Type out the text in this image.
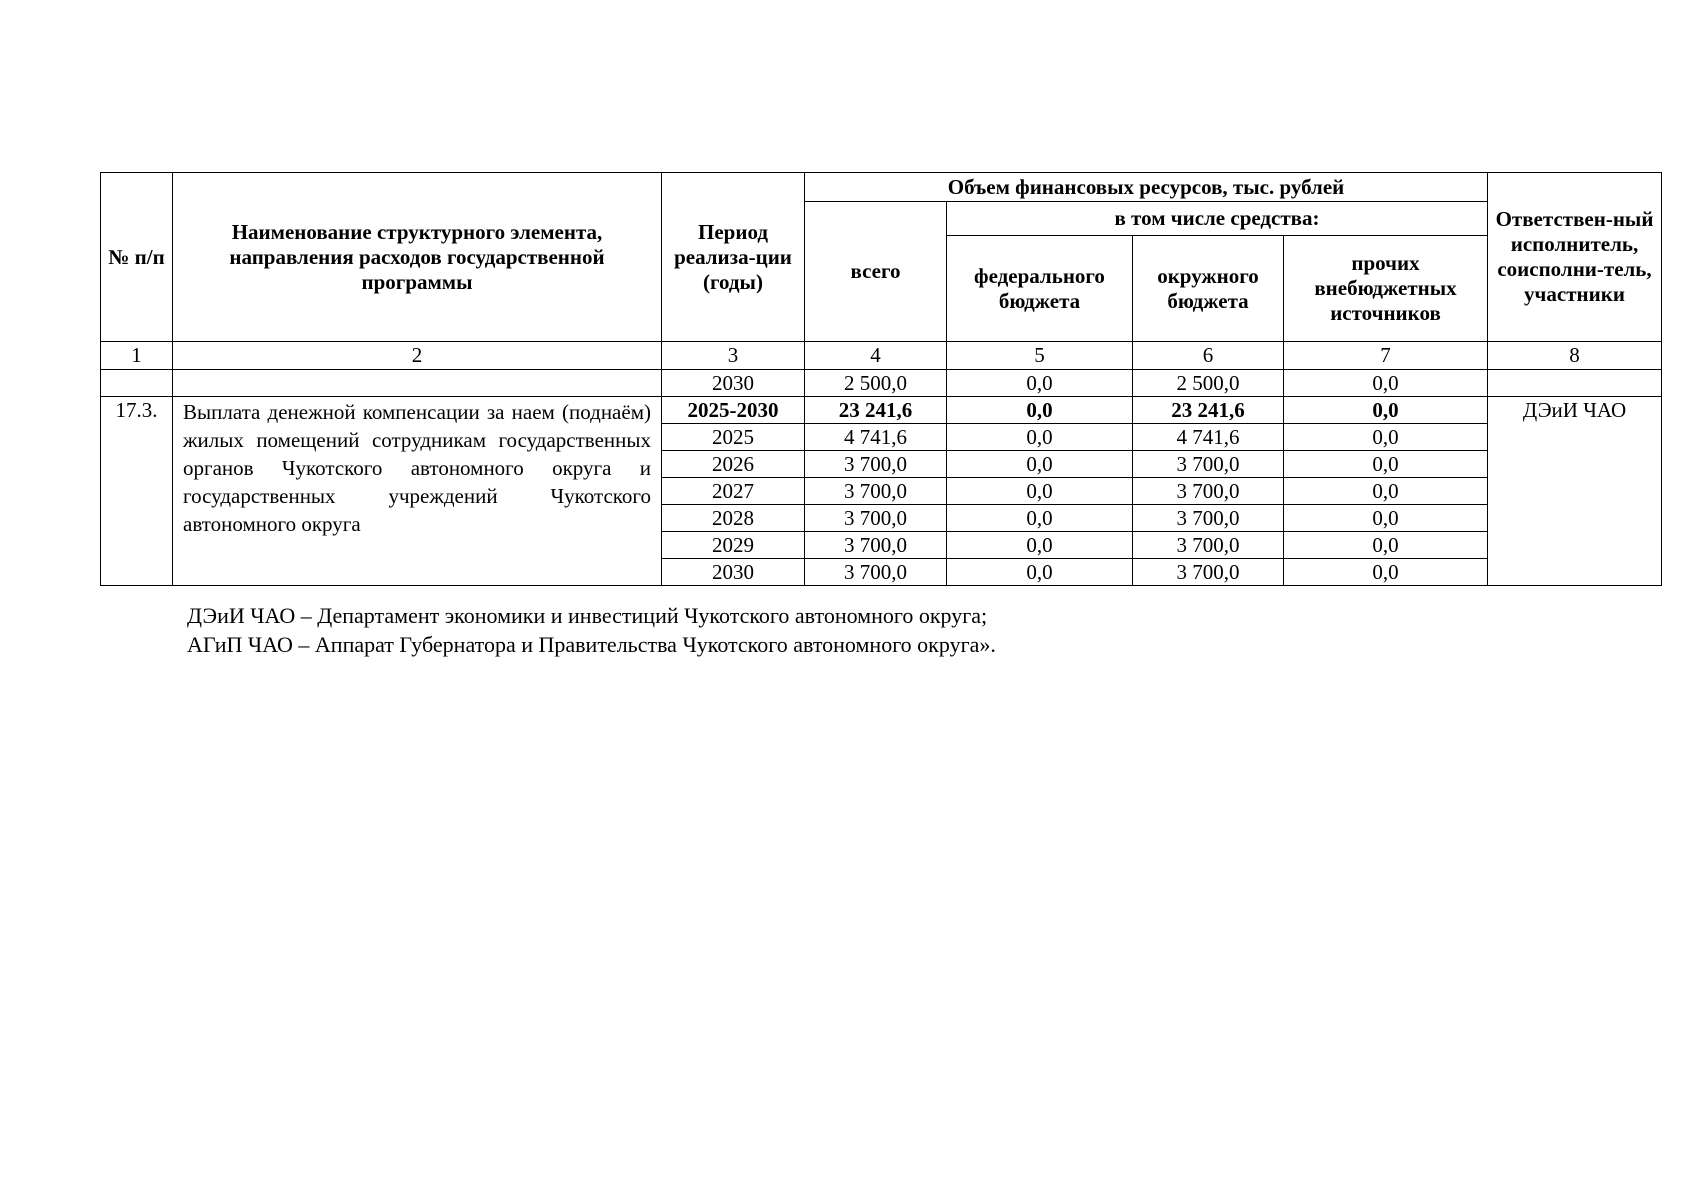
№ п/п	Наименование структурного элемента, направления расходов государственной программы	Период реализа-ции (годы)	Объем финансовых ресурсов, тыс. рублей				Ответствен-ный исполнитель, соисполни-тель, участники
			всего	в том числе средства:			
				федерального бюджета	окружного бюджета	прочих внебюджетных источников	
1	2	3	4	5	6	7	8
		2030	2 500,0	0,0	2 500,0	0,0	
17.3.	Выплата денежной компенсации за наем (поднаём) жилых помещений сотрудникам государственных органов Чукотского автономного округа и государственных учреждений Чукотского автономного округа	2025-2030	23 241,6	0,0	23 241,6	0,0	ДЭиИ ЧАО
		2025	4 741,6	0,0	4 741,6	0,0	
		2026	3 700,0	0,0	3 700,0	0,0	
		2027	3 700,0	0,0	3 700,0	0,0	
		2028	3 700,0	0,0	3 700,0	0,0	
		2029	3 700,0	0,0	3 700,0	0,0	
		2030	3 700,0	0,0	3 700,0	0,0	
ДЭиИ ЧАО – Департамент экономики и инвестиций Чукотского автономного округа;
АГиП ЧАО – Аппарат Губернатора и Правительства Чукотского автономного округа».
